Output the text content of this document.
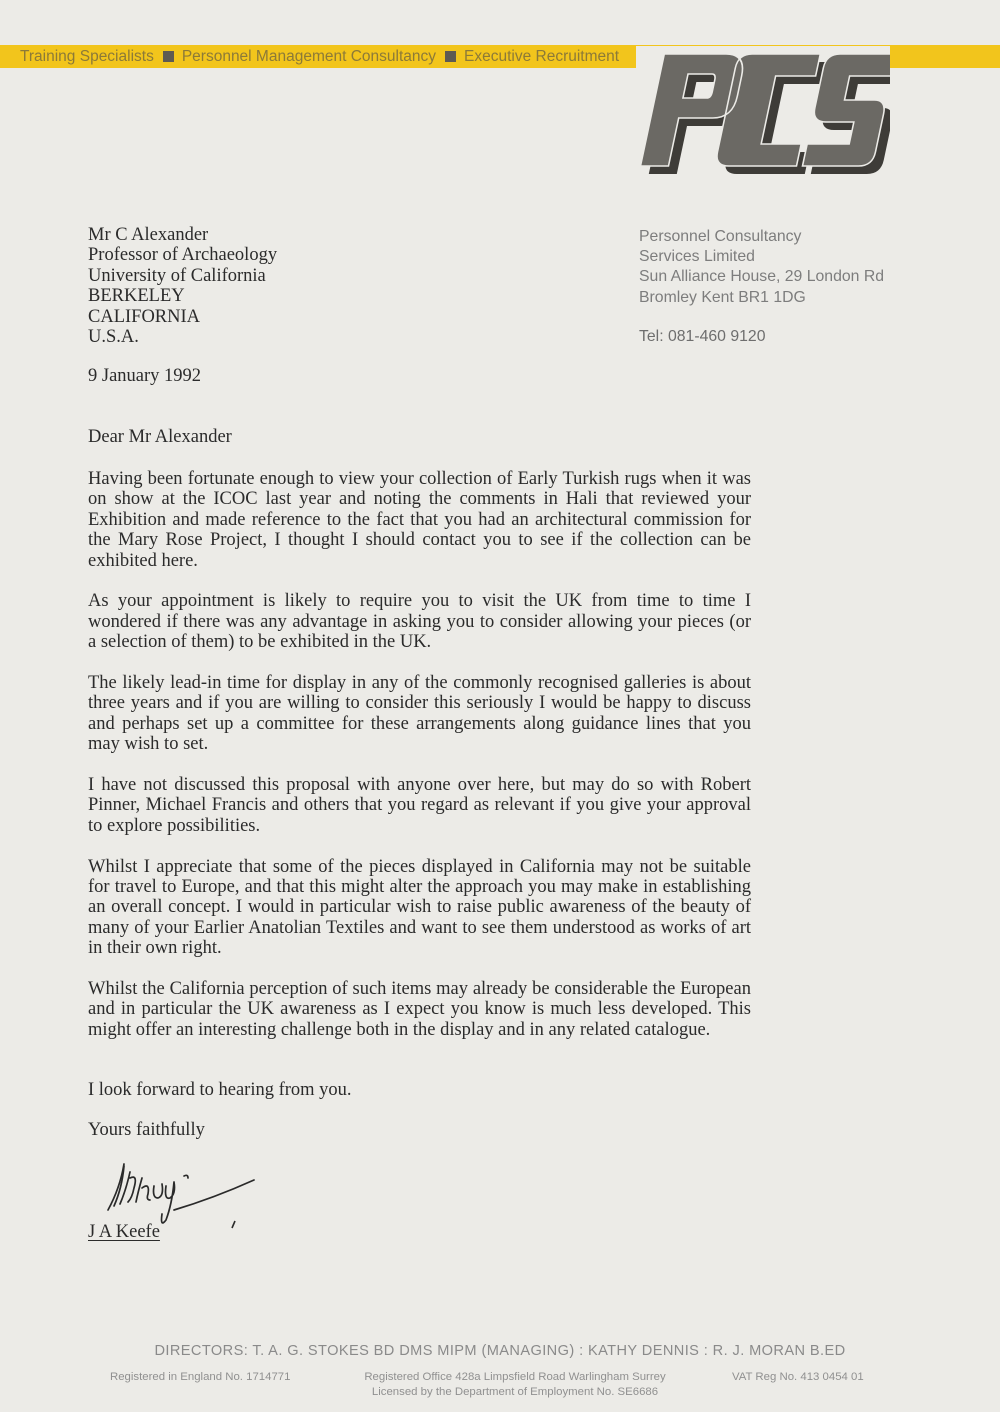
Training Specialists Personnel Management Consultancy Executive Recruitment
Mr C Alexander
Professor of Archaeology
University of California
BERKELEY
CALIFORNIA
U.S.A.
Personnel Consultancy
Services Limited
Sun Alliance House, 29 London Rd
Bromley Kent BR1 1DG
Tel: 081-460 9120
9 January 1992
Dear Mr Alexander

Having been fortunate enough to view your collection of Early Turkish rugs when it was on show at the ICOC last year and noting the comments in Hali that reviewed your Exhibition and made reference to the fact that you had an architectural commission for the Mary Rose Project, I thought I should contact you to see if the collection can be exhibited here.

As your appointment is likely to require you to visit the UK from time to time I wondered if there was any advantage in asking you to consider allowing your pieces (or a selection of them) to be exhibited in the UK.

The likely lead-in time for display in any of the commonly recognised galleries is about three years and if you are willing to consider this seriously I would be happy to discuss and perhaps set up a committee for these arrangements along guidance lines that you may wish to set.

I have not discussed this proposal with anyone over here, but may do so with Robert Pinner, Michael Francis and others that you regard as relevant if you give your approval to explore possibilities.

Whilst I appreciate that some of the pieces displayed in California may not be suitable for travel to Europe, and that this might alter the approach you may make in establishing an overall concept. I would in particular wish to raise public awareness of the beauty of many of your Earlier Anatolian Textiles and want to see them understood as works of art in their own right.

Whilst the California perception of such items may already be considerable the European and in particular the UK awareness as I expect you know is much less developed. This might offer an interesting challenge both in the display and in any related catalogue.

I look forward to hearing from you.
Yours faithfully
J A Keefe
DIRECTORS: T. A. G. STOKES BD DMS MIPM (MANAGING) : KATHY DENNIS : R. J. MORAN B.ED
Registered in England No. 1714771	Registered Office 428a Limpsfield Road Warlingham Surrey
Licensed by the Department of Employment No. SE6686
VAT Reg No. 413 0454 01
